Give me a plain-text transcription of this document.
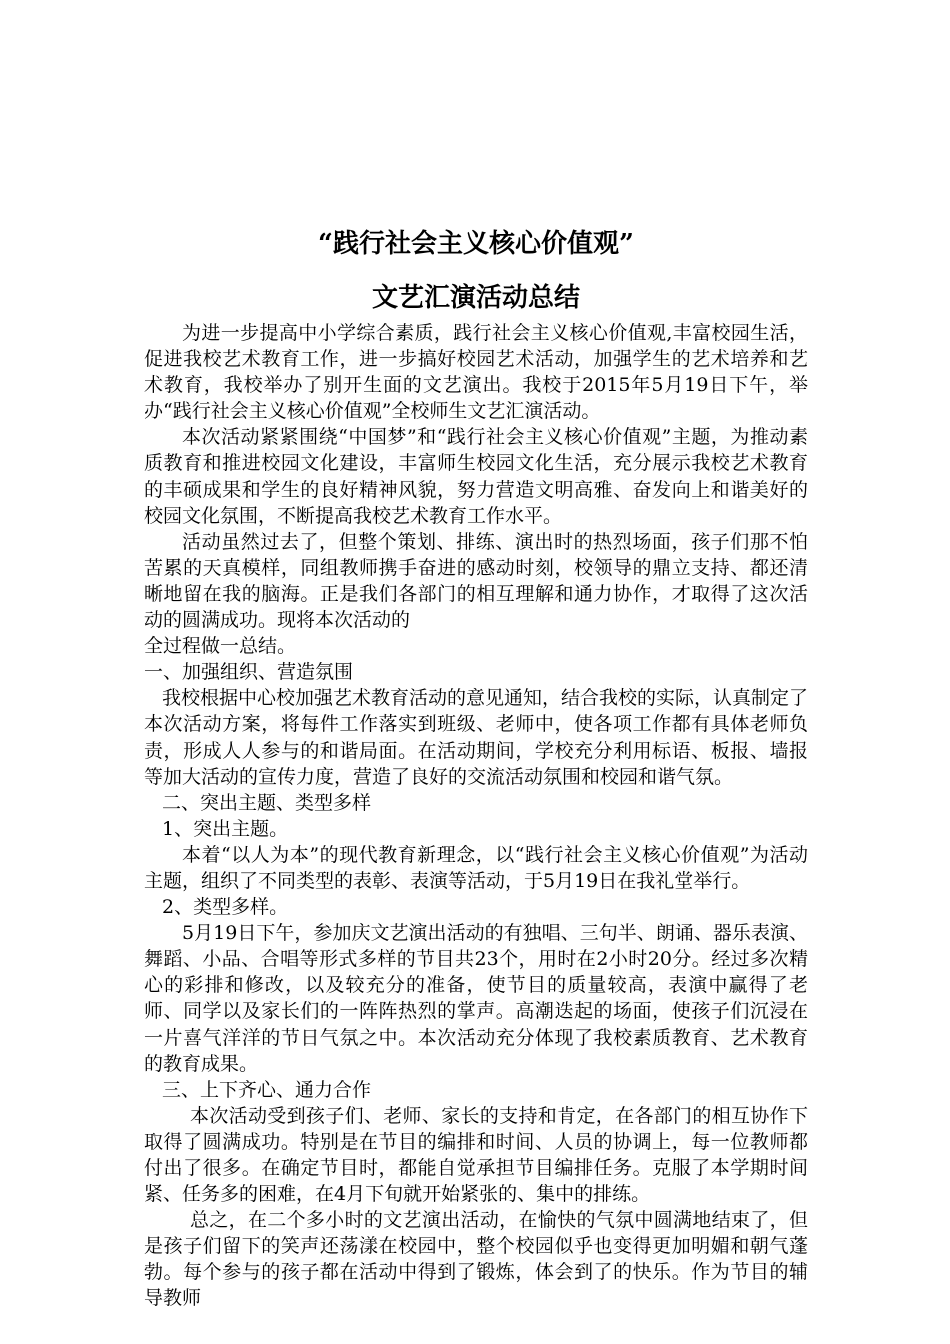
“践行社会主义核心价值观”

文艺汇演活动总结

为进一步提高中小学综合素质，践行社会主义核心价值观,丰富校园生活，促进我校艺术教育工作，进一步搞好校园艺术活动，加强学生的艺术培养和艺术教育，我校举办了别开生面的文艺演出。我校于2015年5月19日下午，举办“践行社会主义核心价值观”全校师生文艺汇演活动。

本次活动紧紧围绕“中国梦”和“践行社会主义核心价值观”主题，为推动素质教育和推进校园文化建设，丰富师生校园文化生活，充分展示我校艺术教育的丰硕成果和学生的良好精神风貌，努力营造文明高雅、奋发向上和谐美好的校园文化氛围，不断提高我校艺术教育工作水平。

活动虽然过去了，但整个策划、排练、演出时的热烈场面，孩子们那不怕苦累的天真模样，同组教师携手奋进的感动时刻，校领导的鼎立支持、都还清晰地留在我的脑海。正是我们各部门的相互理解和通力协作，才取得了这次活动的圆满成功。现将本次活动的

全过程做一总结。

一、加强组织、营造氛围

我校根据中心校加强艺术教育活动的意见通知，结合我校的实际，认真制定了本次活动方案，将每件工作落实到班级、老师中，使各项工作都有具体老师负责，形成人人参与的和谐局面。在活动期间，学校充分利用标语、板报、墙报等加大活动的宣传力度，营造了良好的交流活动氛围和校园和谐气氛。

二、突出主题、类型多样

1、突出主题。

本着“以人为本”的现代教育新理念，以“践行社会主义核心价值观”为活动主题，组织了不同类型的表彰、表演等活动，于5月19日在我礼堂举行。

2、类型多样。

5月19日下午，参加庆文艺演出活动的有独唱、三句半、朗诵、器乐表演、舞蹈、小品、合唱等形式多样的节目共23个，用时在2小时20分。经过多次精心的彩排和修改，以及较充分的准备，使节目的质量较高，表演中赢得了老师、同学以及家长们的一阵阵热烈的掌声。高潮迭起的场面，使孩子们沉浸在一片喜气洋洋的节日气氛之中。本次活动充分体现了我校素质教育、艺术教育的教育成果。

三、上下齐心、通力合作

本次活动受到孩子们、老师、家长的支持和肯定，在各部门的相互协作下取得了圆满成功。特别是在节目的编排和时间、人员的协调上，每一位教师都付出了很多。在确定节目时，都能自觉承担节目编排任务。克服了本学期时间紧、任务多的困难，在4月下旬就开始紧张的、集中的排练。

总之，在二个多小时的文艺演出活动，在愉快的气氛中圆满地结束了，但是孩子们留下的笑声还荡漾在校园中，整个校园似乎也变得更加明媚和朝气蓬勃。每个参与的孩子都在活动中得到了锻炼，体会到了的快乐。作为节目的辅导教师
